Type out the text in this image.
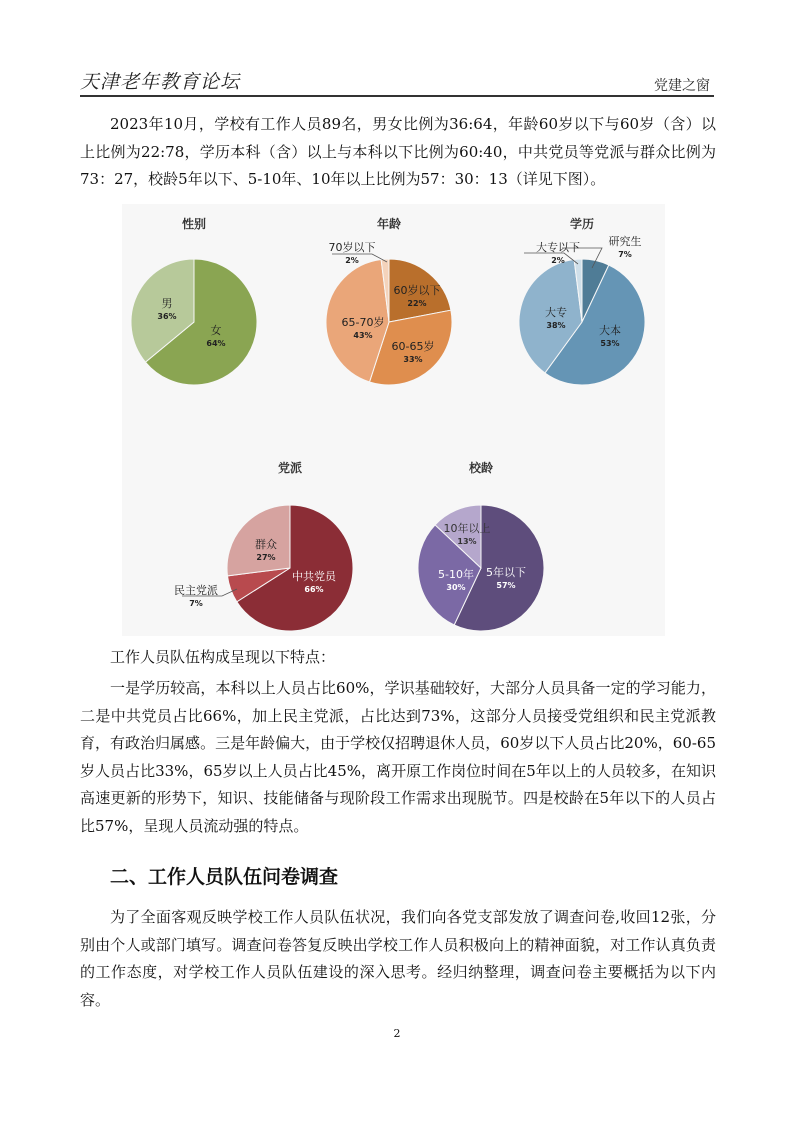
天津老年教育论坛	党建之窗

2023年10月，学校有工作人员89名，男女比例为36:64，年龄60岁以下与60岁（含）以上比例为22:78，学历本科（含）以上与本科以下比例为60:40，中共党员等党派与群众比例为73：27，校龄5年以下、5-10年、10年以上比例为57：30：13（详见下图）。

性别
女
64%
男
36%
年龄
60岁以下
22%
60-65岁
33%
65-70岁
43%
70岁以下
2%
学历
研究生
7%
大本
53%
大专
38%
大专以下
2%
党派
中共党员
66%
民主党派
7%
群众
27%
校龄
5年以下
57%
5-10年
30%
10年以上
13%

工作人员队伍构成呈现以下特点：

一是学历较高，本科以上人员占比60%，学识基础较好，大部分人员具备一定的学习能力，二是中共党员占比66%，加上民主党派，占比达到73%，这部分人员接受党组织和民主党派教育，有政治归属感。三是年龄偏大，由于学校仅招聘退休人员，60岁以下人员占比20%，60-65岁人员占比33%，65岁以上人员占比45%，离开原工作岗位时间在5年以上的人员较多，在知识高速更新的形势下，知识、技能储备与现阶段工作需求出现脱节。四是校龄在5年以下的人员占比57%，呈现人员流动强的特点。

二、工作人员队伍问卷调查

为了全面客观反映学校工作人员队伍状况，我们向各党支部发放了调查问卷,收回12张，分别由个人或部门填写。调查问卷答复反映出学校工作人员积极向上的精神面貌，对工作认真负责的工作态度，对学校工作人员队伍建设的深入思考。经归纳整理，调查问卷主要概括为以下内容。

2
